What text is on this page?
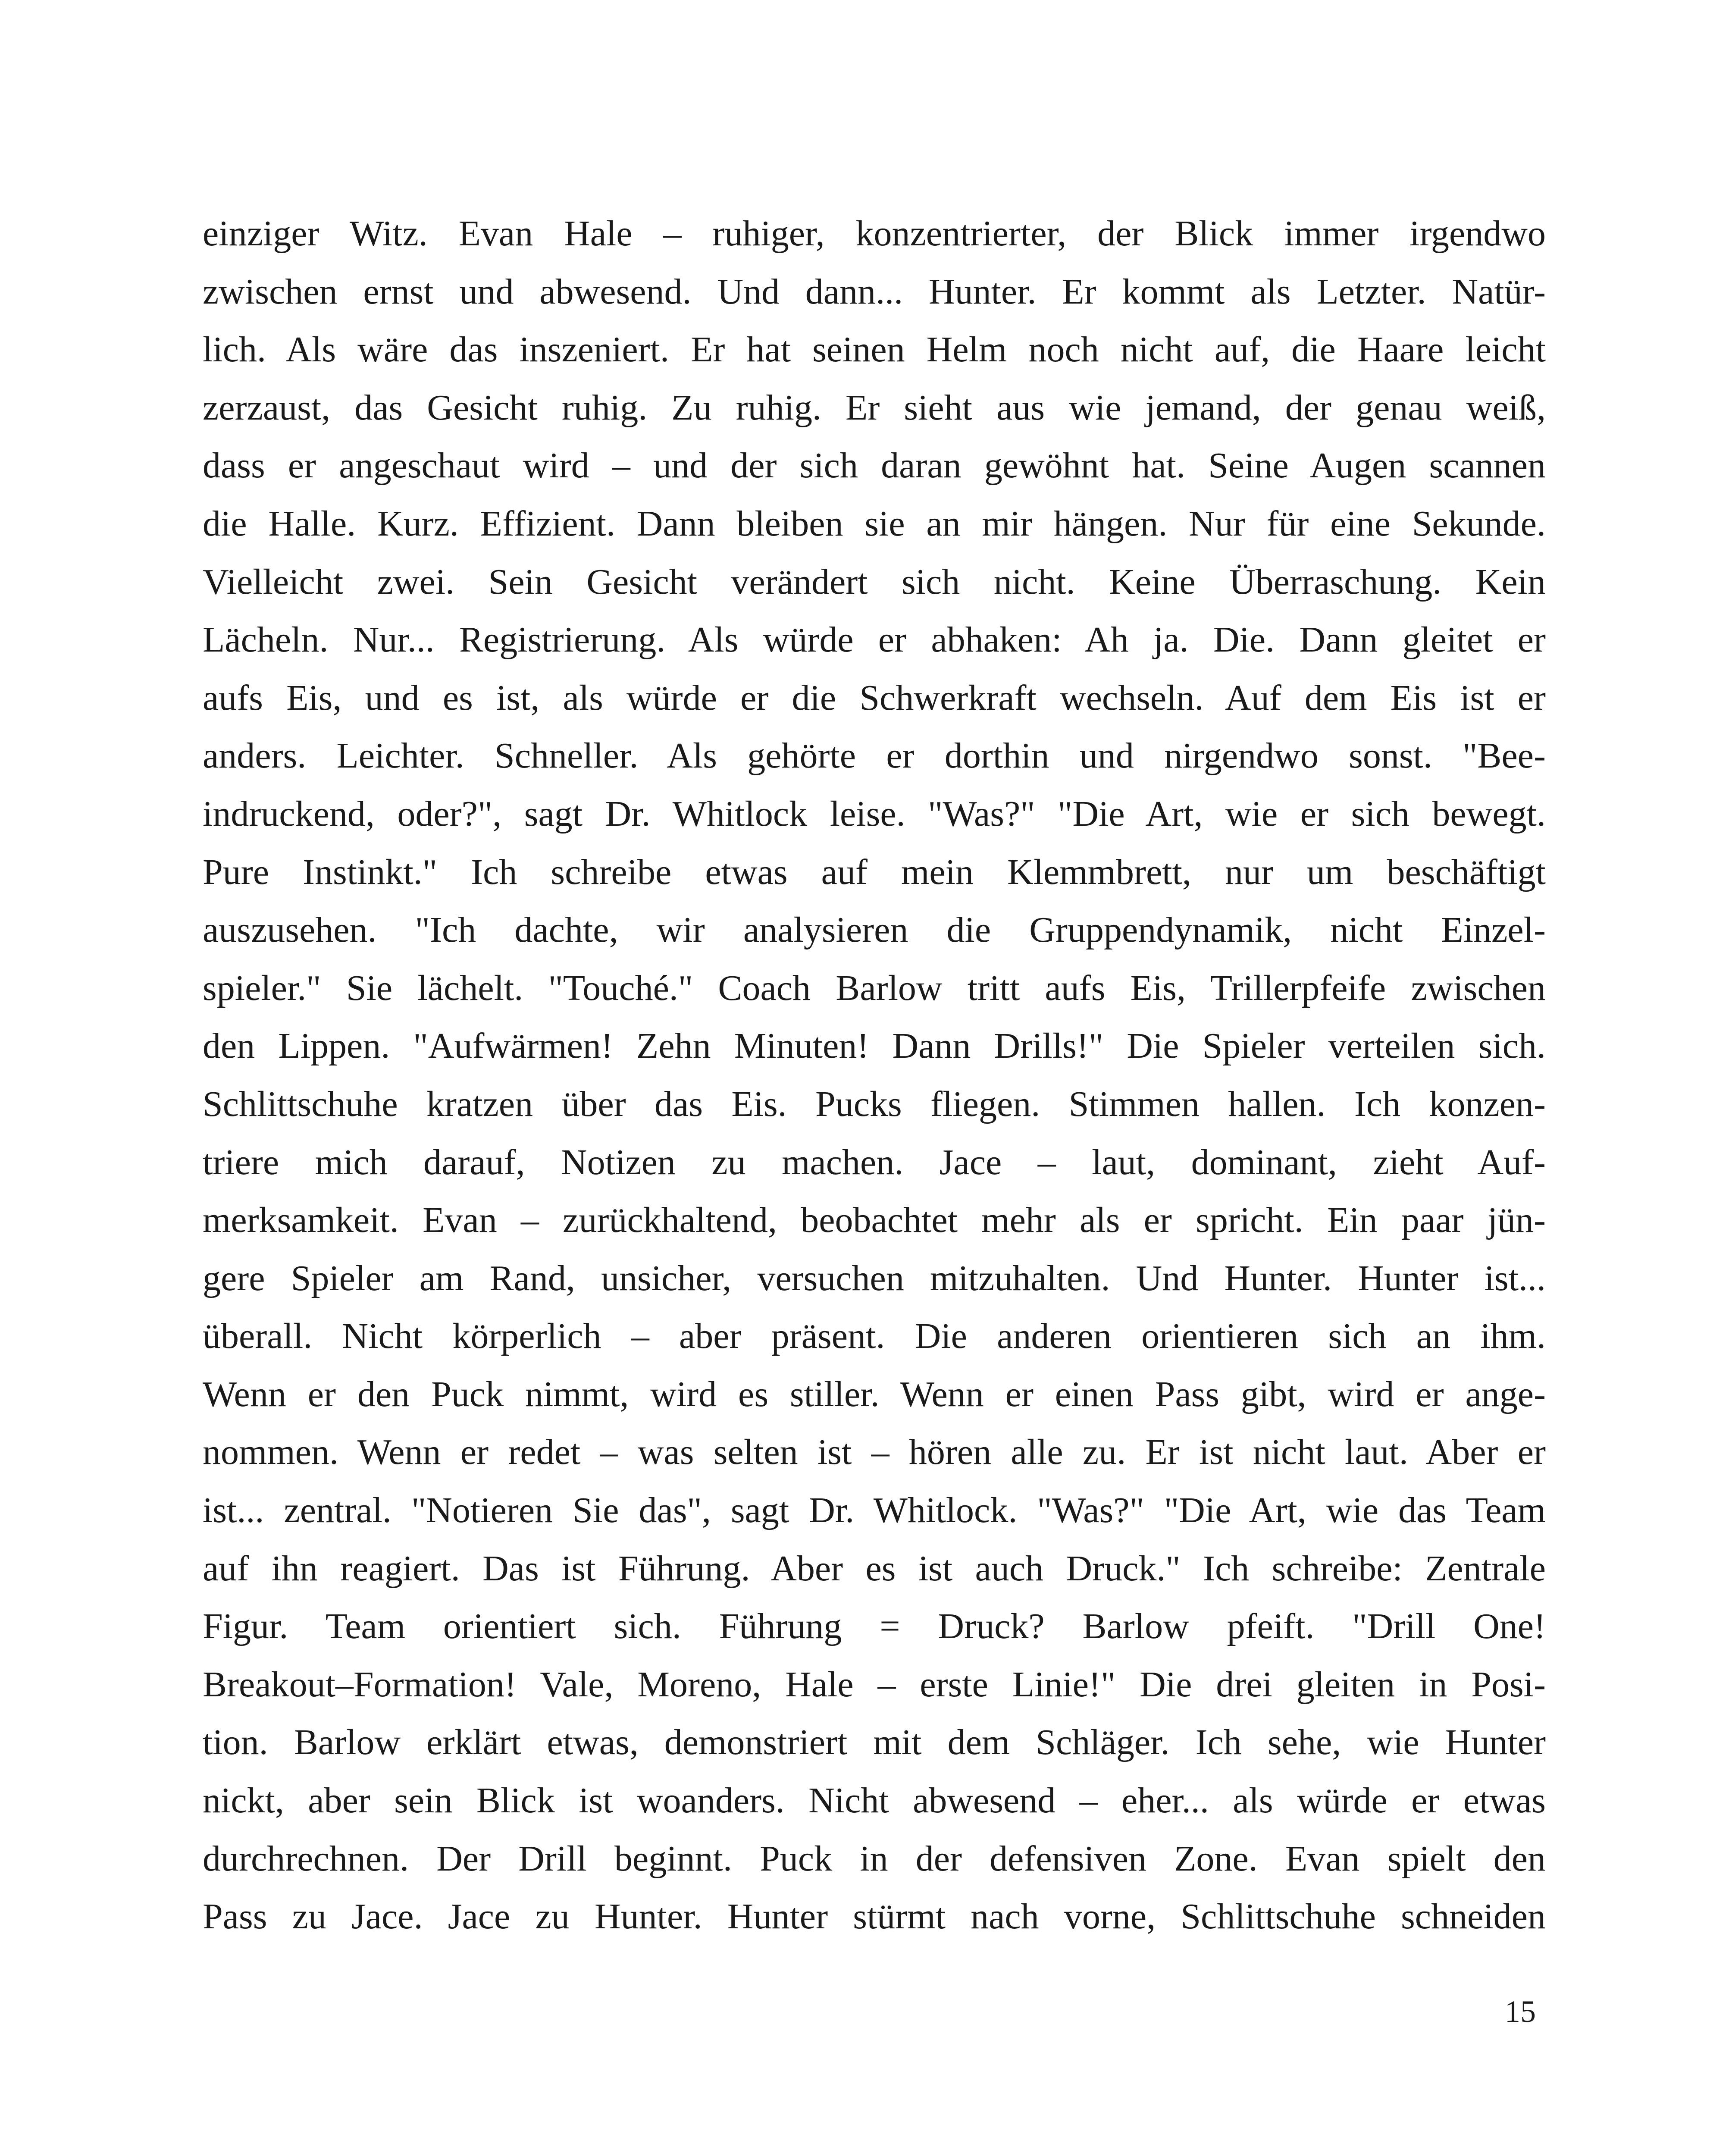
einziger Witz. Evan Hale – ruhiger, konzentrierter, der Blick immer irgendwo
zwischen ernst und abwesend. Und dann... Hunter. Er kommt als Letzter. Natür-
lich. Als wäre das inszeniert. Er hat seinen Helm noch nicht auf, die Haare leicht
zerzaust, das Gesicht ruhig. Zu ruhig. Er sieht aus wie jemand, der genau weiß,
dass er angeschaut wird – und der sich daran gewöhnt hat. Seine Augen scannen
die Halle. Kurz. Effizient. Dann bleiben sie an mir hängen. Nur für eine Sekunde.
Vielleicht zwei. Sein Gesicht verändert sich nicht. Keine Überraschung. Kein
Lächeln. Nur... Registrierung. Als würde er abhaken: Ah ja. Die. Dann gleitet er
aufs Eis, und es ist, als würde er die Schwerkraft wechseln. Auf dem Eis ist er
anders. Leichter. Schneller. Als gehörte er dorthin und nirgendwo sonst. "Bee-
indruckend, oder?", sagt Dr. Whitlock leise. "Was?" "Die Art, wie er sich bewegt.
Pure Instinkt." Ich schreibe etwas auf mein Klemmbrett, nur um beschäftigt
auszusehen. "Ich dachte, wir analysieren die Gruppendynamik, nicht Einzel-
spieler." Sie lächelt. "Touché." Coach Barlow tritt aufs Eis, Trillerpfeife zwischen
den Lippen. "Aufwärmen! Zehn Minuten! Dann Drills!" Die Spieler verteilen sich.
Schlittschuhe kratzen über das Eis. Pucks fliegen. Stimmen hallen. Ich konzen-
triere mich darauf, Notizen zu machen. Jace – laut, dominant, zieht Auf-
merksamkeit. Evan – zurückhaltend, beobachtet mehr als er spricht. Ein paar jün-
gere Spieler am Rand, unsicher, versuchen mitzuhalten. Und Hunter. Hunter ist...
überall. Nicht körperlich – aber präsent. Die anderen orientieren sich an ihm.
Wenn er den Puck nimmt, wird es stiller. Wenn er einen Pass gibt, wird er ange-
nommen. Wenn er redet – was selten ist – hören alle zu. Er ist nicht laut. Aber er
ist... zentral. "Notieren Sie das", sagt Dr. Whitlock. "Was?" "Die Art, wie das Team
auf ihn reagiert. Das ist Führung. Aber es ist auch Druck." Ich schreibe: Zentrale
Figur. Team orientiert sich. Führung = Druck? Barlow pfeift. "Drill One!
Breakout–Formation! Vale, Moreno, Hale – erste Linie!" Die drei gleiten in Posi-
tion. Barlow erklärt etwas, demonstriert mit dem Schläger. Ich sehe, wie Hunter
nickt, aber sein Blick ist woanders. Nicht abwesend – eher... als würde er etwas
durchrechnen. Der Drill beginnt. Puck in der defensiven Zone. Evan spielt den
Pass zu Jace. Jace zu Hunter. Hunter stürmt nach vorne, Schlittschuhe schneiden
15
